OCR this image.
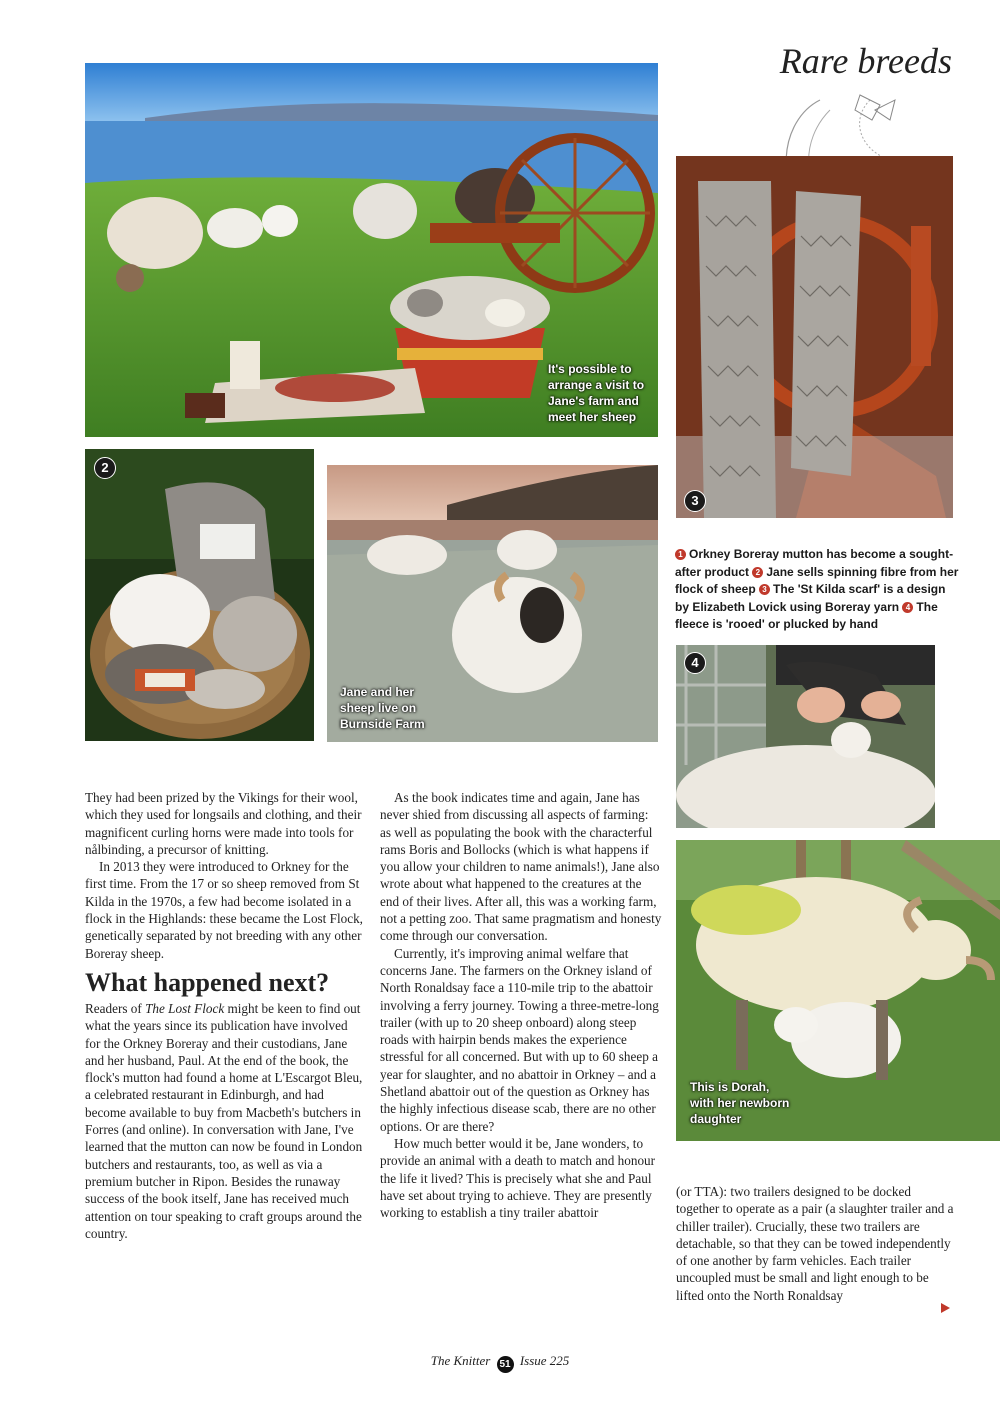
Rare breeds
It's possible to
arrange a visit to
Jane's farm and
meet her sheep
3
2
Jane and her
sheep live on
Burnside Farm
1 Orkney Boreray mutton has become a sought-after product 2 Jane sells spinning fibre from her flock of sheep 3 The 'St Kilda scarf' is a design by Elizabeth Lovick using Boreray yarn 4 The fleece is 'rooed' or plucked by hand
4
This is Dorah,
with her newborn
daughter

They had been prized by the Vikings for their wool, which they used for longsails and clothing, and their magnificent curling horns were made into tools for nålbinding, a precursor of knitting.

In 2013 they were introduced to Orkney for the first time. From the 17 or so sheep removed from St Kilda in the 1970s, a few had become isolated in a flock in the Highlands: these became the Lost Flock, genetically separated by not breeding with any other Boreray sheep.

What happened next?

Readers of The Lost Flock might be keen to find out what the years since its publication have involved for the Orkney Boreray and their custodians, Jane and her husband, Paul. At the end of the book, the flock's mutton had found a home at L'Escargot Bleu, a celebrated restaurant in Edinburgh, and had become available to buy from Macbeth's butchers in Forres (and online). In conversation with Jane, I've learned that the mutton can now be found in London butchers and restaurants, too, as well as via a premium butcher in Ripon. Besides the runaway success of the book itself, Jane has received much attention on tour speaking to craft groups around the country.

As the book indicates time and again, Jane has never shied from discussing all aspects of farming: as well as populating the book with the characterful rams Boris and Bollocks (which is what happens if you allow your children to name animals!), Jane also wrote about what happened to the creatures at the end of their lives. After all, this was a working farm, not a petting zoo. That same pragmatism and honesty come through our conversation.

Currently, it's improving animal welfare that concerns Jane. The farmers on the Orkney island of North Ronaldsay face a 110-mile trip to the abattoir involving a ferry journey. Towing a three-metre-long trailer (with up to 20 sheep onboard) along steep roads with hairpin bends makes the experience stressful for all concerned. But with up to 60 sheep a year for slaughter, and no abattoir in Orkney – and a Shetland abattoir out of the question as Orkney has the highly infectious disease scab, there are no other options. Or are there?

How much better would it be, Jane wonders, to provide an animal with a death to match and honour the life it lived? This is precisely what she and Paul have set about trying to achieve. They are presently working to establish a tiny trailer abattoir

(or TTA): two trailers designed to be docked together to operate as a pair (a slaughter trailer and a chiller trailer). Crucially, these two trailers are detachable, so that they can be towed independently of one another by farm vehicles. Each trailer uncoupled must be small and light enough to be lifted onto the North Ronaldsay

The Knitter 51 Issue 225
